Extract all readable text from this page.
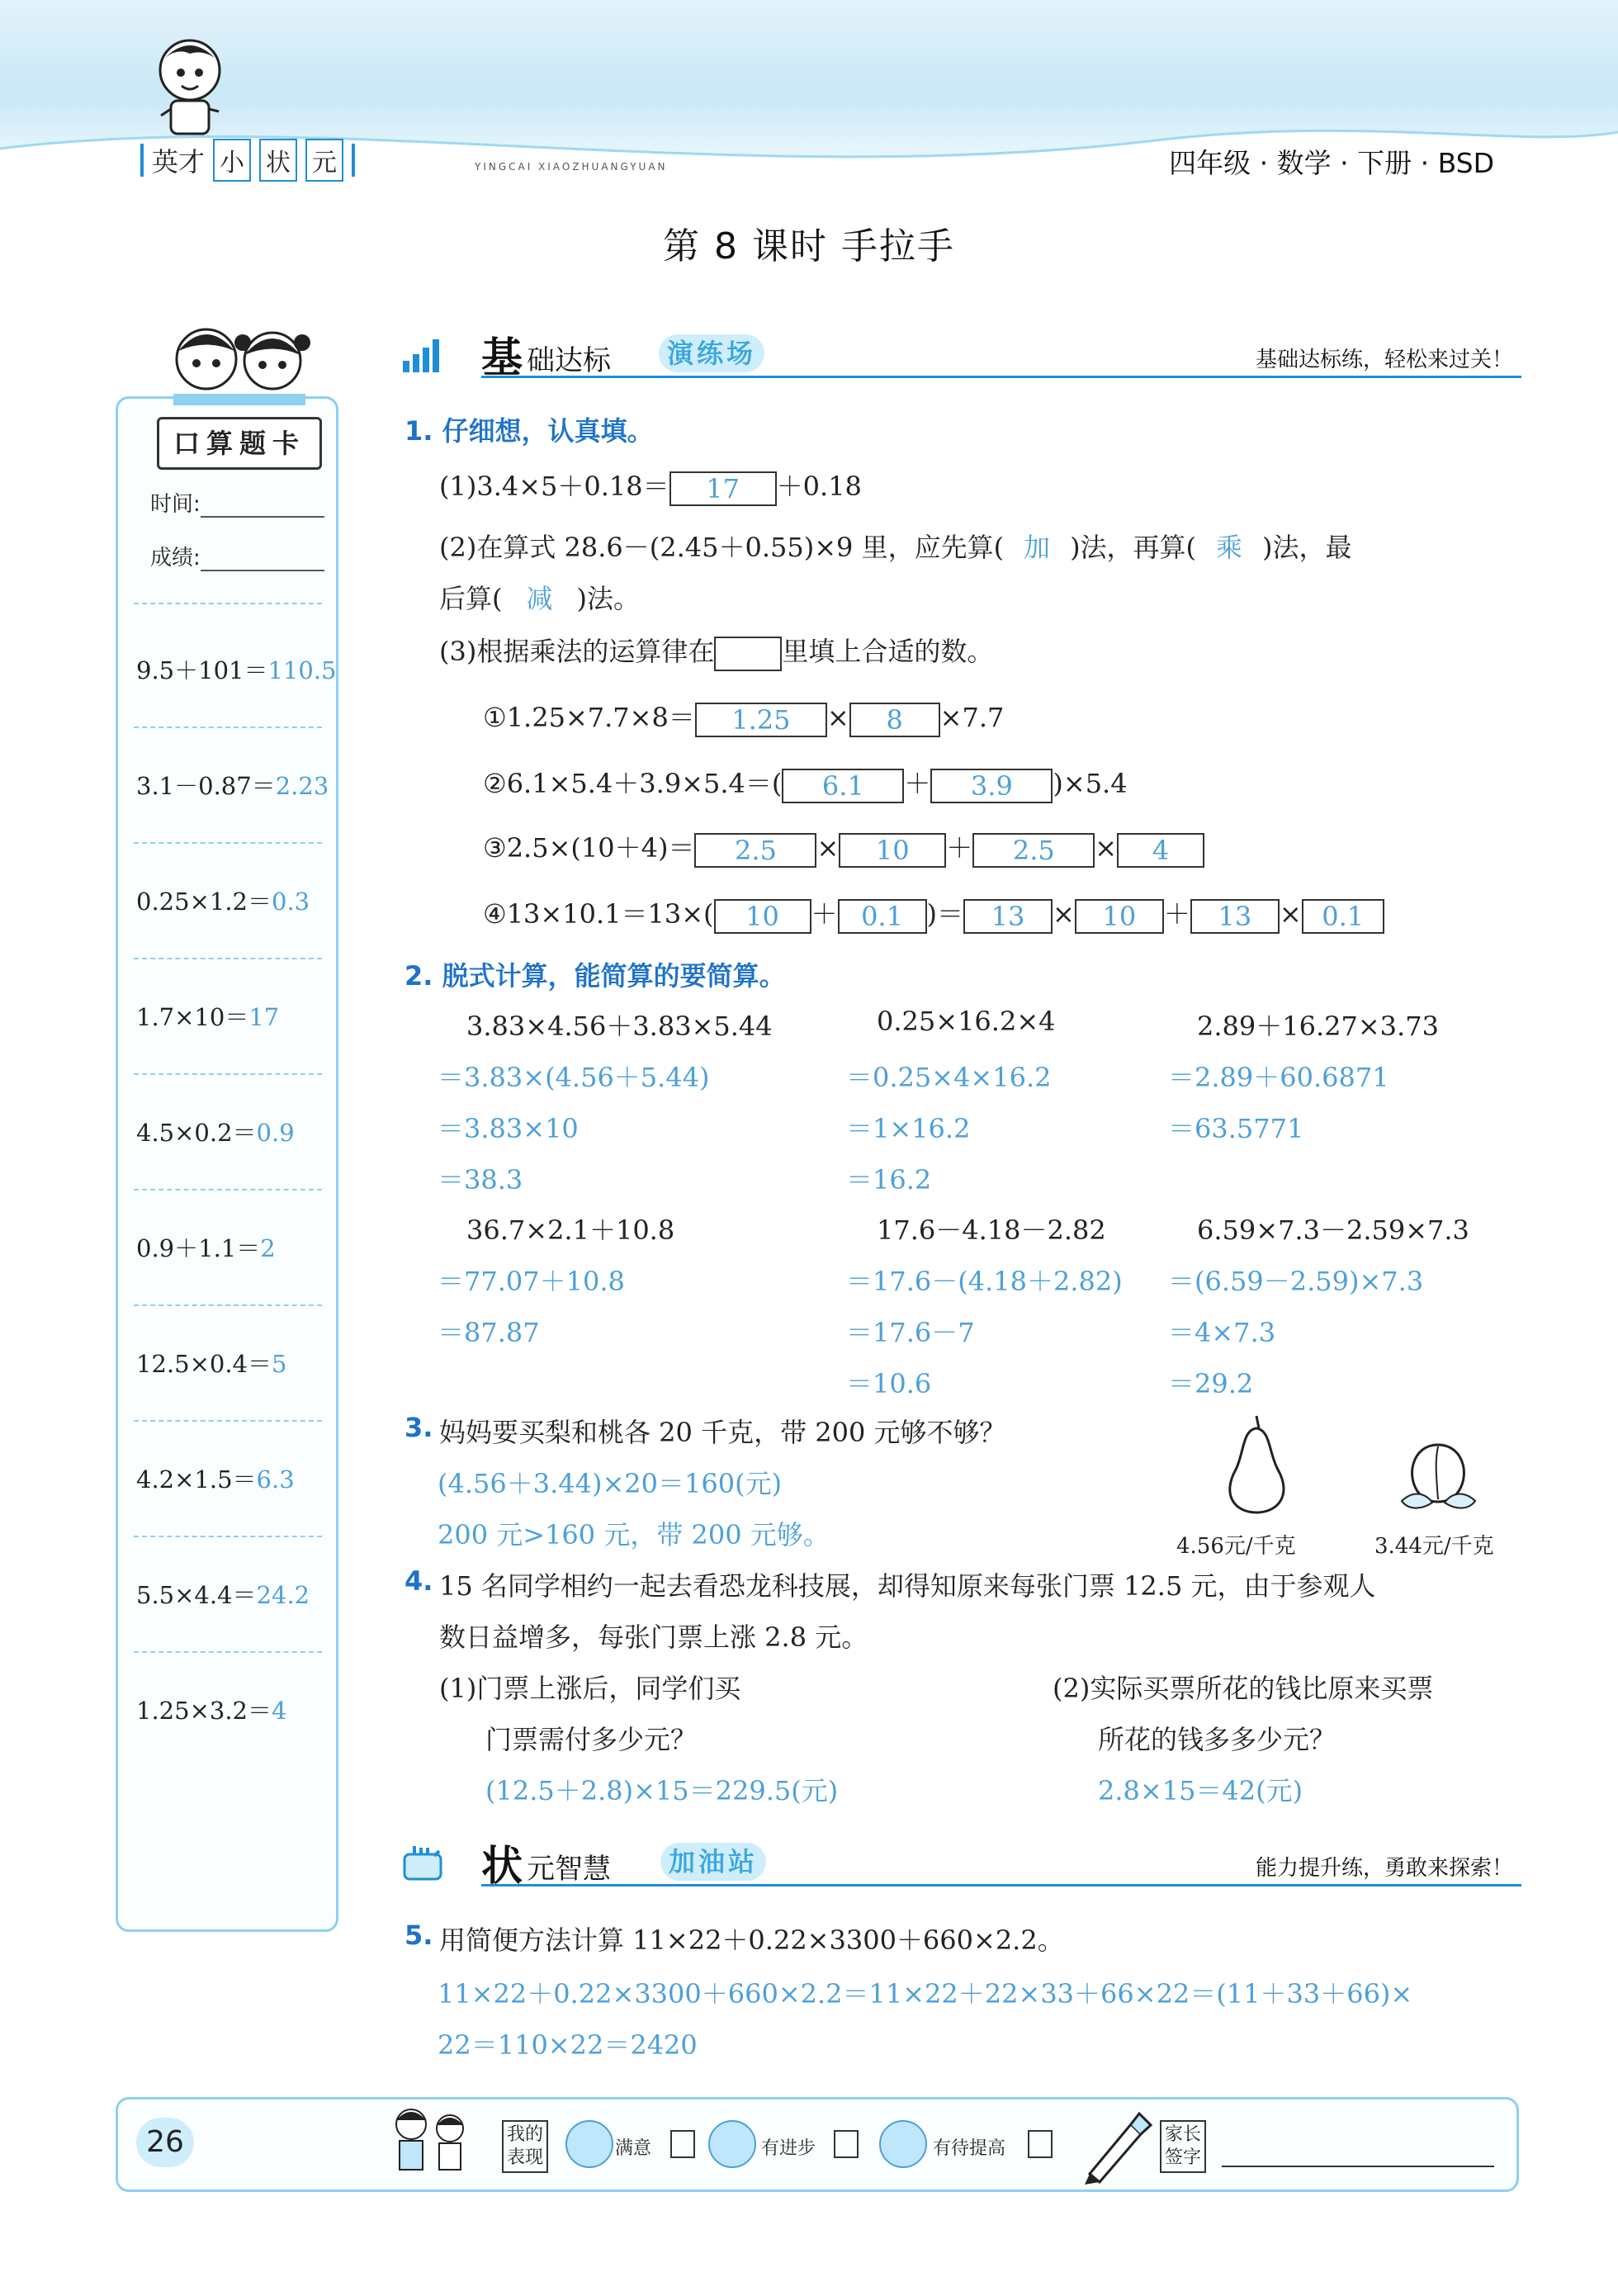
英才 小 状 元	YINGCAI XIAOZHUANGYUAN	四年级 · 数学 · 下册 · BSD
第 8 课时 手拉手
口算题卡
时间:
成绩:
9.5＋101＝110.5
3.1－0.87＝2.23
0.25×1.2＝0.3
1.7×10＝17
4.5×0.2＝0.9
0.9＋1.1＝2
12.5×0.4＝5
4.2×1.5＝6.3
5.5×4.4＝24.2
1.25×3.2＝4
基 础达标	演练场	基础达标练，轻松来过关！
1. 仔细想，认真填。
(1)3.4×5＋0.18＝ 17 ＋0.18
(2)在算式 28.6－(2.45＋0.55)×9 里，应先算( 加 )法，再算( 乘 )法，最
后算( 减 )法。
(3)根据乘法的运算律在	里填上合适的数。
①1.25×7.7×8＝ 1.25 × 8 ×7.7
②6.1×5.4＋3.9×5.4＝( 6.1 ＋ 3.9 )×5.4
③2.5×(10＋4)＝ 2.5 × 10 ＋ 2.5 × 4
④13×10.1＝13×( 10 ＋ 0.1 )＝ 13 × 10 ＋ 13 × 0.1
2. 脱式计算，能简算的要简算。
3.83×4.56＋3.83×5.44
＝3.83×(4.56＋5.44)
＝3.83×10
＝38.3
0.25×16.2×4
＝0.25×4×16.2
＝1×16.2
＝16.2
2.89＋16.27×3.73
＝2.89＋60.6871
＝63.5771
36.7×2.1＋10.8
＝77.07＋10.8
＝87.87
17.6－4.18－2.82
＝17.6－(4.18＋2.82)
＝17.6－7
＝10.6
6.59×7.3－2.59×7.3
＝(6.59－2.59)×7.3
＝4×7.3
＝29.2
3. 妈妈要买梨和桃各 20 千克，带 200 元够不够？
(4.56＋3.44)×20＝160(元)
200 元>160 元，带 200 元够。	4.56元/千克	3.44元/千克
4. 15 名同学相约一起去看恐龙科技展，却得知原来每张门票 12.5 元，由于参观人
数日益增多，每张门票上涨 2.8 元。
(1)门票上涨后，同学们买
门票需付多少元？
(12.5＋2.8)×15＝229.5(元)
(2)实际买票所花的钱比原来买票
所花的钱多多少元？
2.8×15＝42(元)
状 元智慧	加油站	能力提升练，勇敢来探索！
5. 用简便方法计算 11×22＋0.22×3300＋660×2.2。
11×22＋0.22×3300＋660×2.2＝11×22＋22×33＋66×22＝(11＋33＋66)×
22＝110×22＝2420
26	我的
表现	满意	有进步	有待提高
家长
签字
